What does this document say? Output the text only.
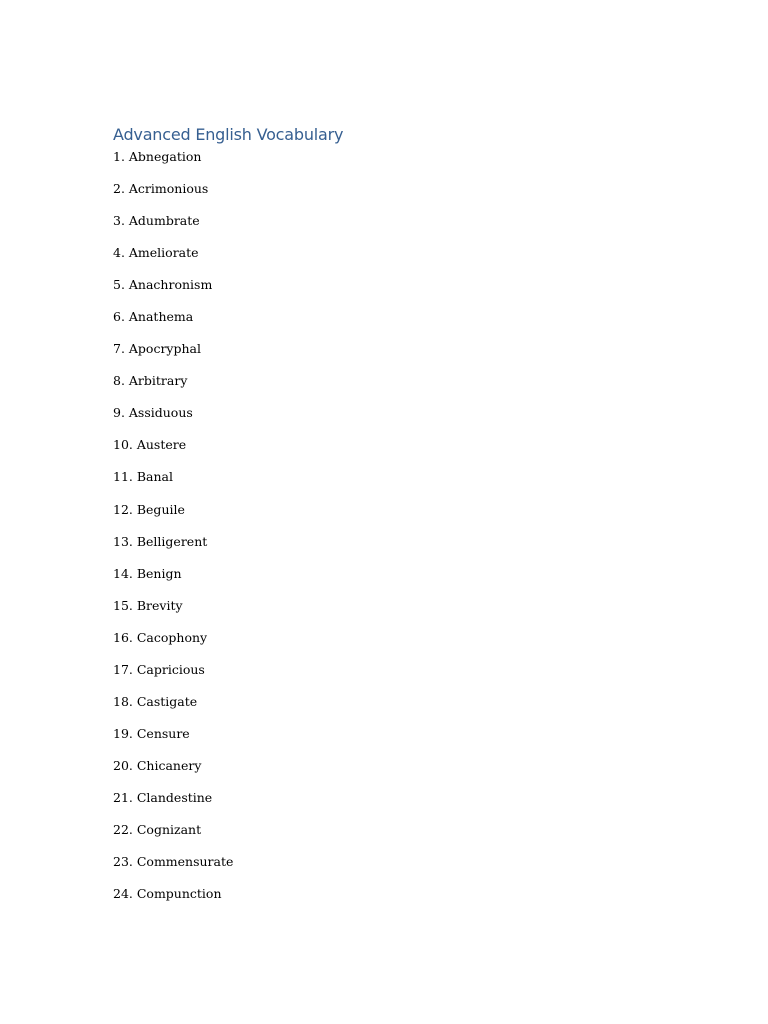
Advanced English Vocabulary
1. Abnegation
2. Acrimonious
3. Adumbrate
4. Ameliorate
5. Anachronism
6. Anathema
7. Apocryphal
8. Arbitrary
9. Assiduous
10. Austere
11. Banal
12. Beguile
13. Belligerent
14. Benign
15. Brevity
16. Cacophony
17. Capricious
18. Castigate
19. Censure
20. Chicanery
21. Clandestine
22. Cognizant
23. Commensurate
24. Compunction
